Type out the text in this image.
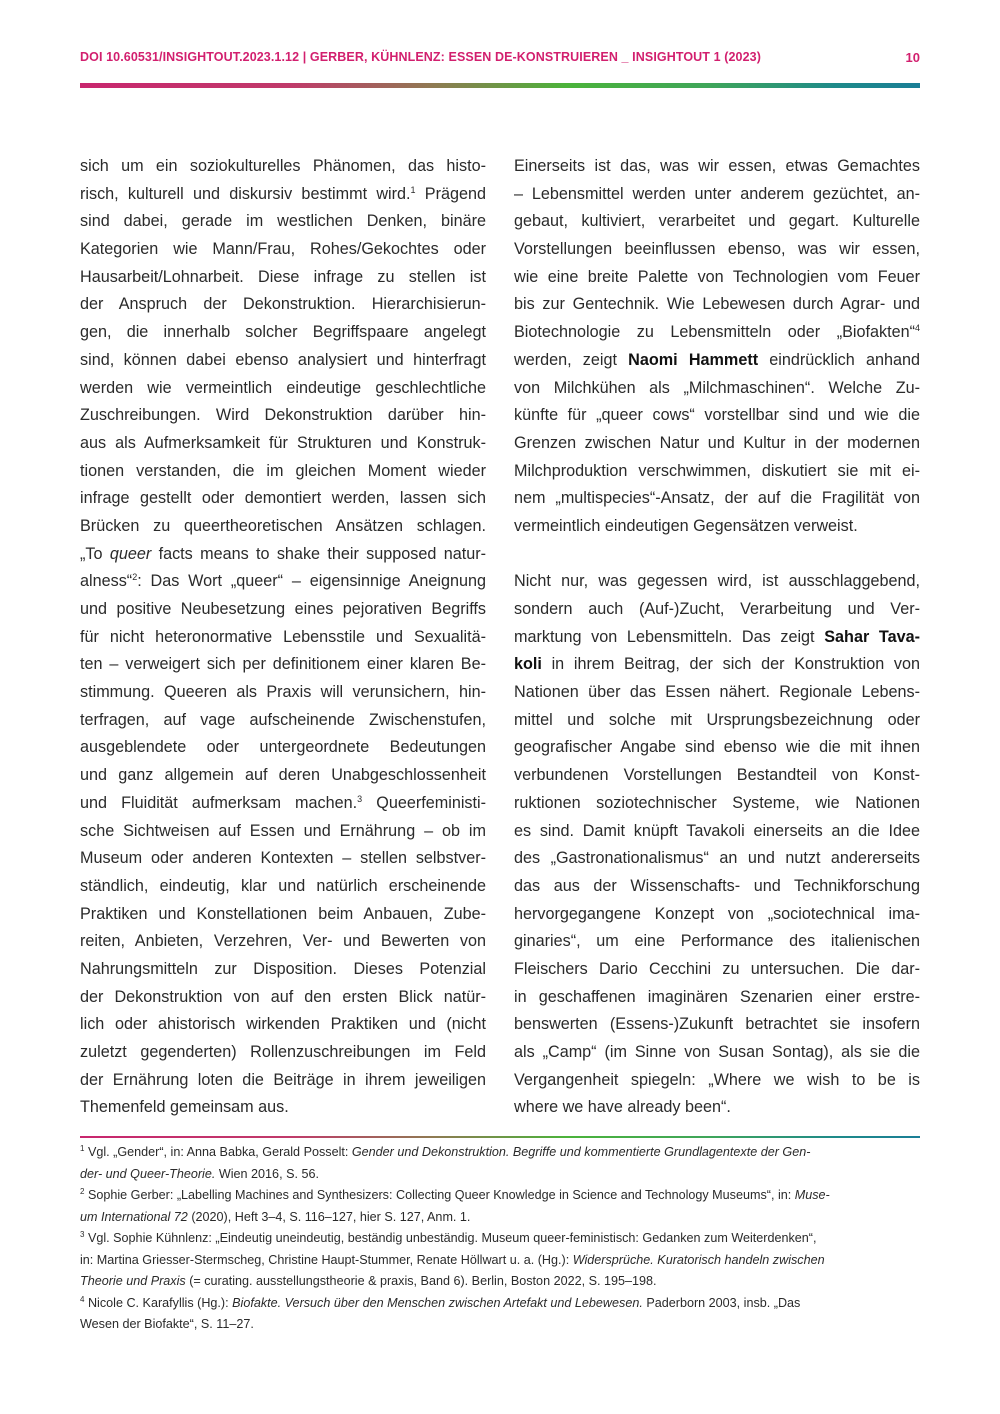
DOI 10.60531/INSIGHTOUT.2023.1.12 | GERBER, KÜHNLENZ: ESSEN DE-KONSTRUIEREN _ INSIGHTOUT 1 (2023)	10
sich um ein soziokulturelles Phänomen, das histo-
risch, kulturell und diskursiv bestimmt wird.$^1$ Prägend
sind dabei, gerade im westlichen Denken, binäre
Kategorien wie Mann/Frau, Rohes/Gekochtes oder
Hausarbeit/Lohnarbeit. Diese infrage zu stellen ist
der Anspruch der Dekonstruktion. Hierarchisierun-
gen, die innerhalb solcher Begriffspaare angelegt
sind, können dabei ebenso analysiert und hinterfragt
werden wie vermeintlich eindeutige geschlechtliche
Zuschreibungen. Wird Dekonstruktion darüber hin-
aus als Aufmerksamkeit für Strukturen und Konstruk-
tionen verstanden, die im gleichen Moment wieder
infrage gestellt oder demontiert werden, lassen sich
Brücken zu queertheoretischen Ansätzen schlagen.
„To queer facts means to shake their supposed natur-
alness“$^2$: Das Wort „queer“ – eigensinnige Aneignung
und positive Neubesetzung eines pejorativen Begriffs
für nicht heteronormative Lebensstile und Sexualitä-
ten – verweigert sich per definitionem einer klaren Be-
stimmung. Queeren als Praxis will verunsichern, hin-
terfragen, auf vage aufscheinende Zwischenstufen,
ausgeblendete oder untergeordnete Bedeutungen
und ganz allgemein auf deren Unabgeschlossenheit
und Fluidität aufmerksam machen.$^3$ Queerfeministi-
sche Sichtweisen auf Essen und Ernährung – ob im
Museum oder anderen Kontexten – stellen selbstver-
ständlich, eindeutig, klar und natürlich erscheinende
Praktiken und Konstellationen beim Anbauen, Zube-
reiten, Anbieten, Verzehren, Ver- und Bewerten von
Nahrungsmitteln zur Disposition. Dieses Potenzial
der Dekonstruktion von auf den ersten Blick natür-
lich oder ahistorisch wirkenden Praktiken und (nicht
zuletzt gegenderten) Rollenzuschreibungen im Feld
der Ernährung loten die Beiträge in ihrem jeweiligen
Themenfeld gemeinsam aus.
Einerseits ist das, was wir essen, etwas Gemachtes
– Lebensmittel werden unter anderem gezüchtet, an-
gebaut, kultiviert, verarbeitet und gegart. Kulturelle
Vorstellungen beeinflussen ebenso, was wir essen,
wie eine breite Palette von Technologien vom Feuer
bis zur Gentechnik. Wie Lebewesen durch Agrar- und
Biotechnologie zu Lebensmitteln oder „Biofakten“$^4$
werden, zeigt Naomi Hammett eindrücklich anhand
von Milchkühen als „Milchmaschinen“. Welche Zu-
künfte für „queer cows“ vorstellbar sind und wie die
Grenzen zwischen Natur und Kultur in der modernen
Milchproduktion verschwimmen, diskutiert sie mit ei-
nem „multispecies“-Ansatz, der auf die Fragilität von
vermeintlich eindeutigen Gegensätzen verweist.
Nicht nur, was gegessen wird, ist ausschlaggebend,
sondern auch (Auf-)Zucht, Verarbeitung und Ver-
marktung von Lebensmitteln. Das zeigt Sahar Tava-
koli in ihrem Beitrag, der sich der Konstruktion von
Nationen über das Essen nähert. Regionale Lebens-
mittel und solche mit Ursprungsbezeichnung oder
geografischer Angabe sind ebenso wie die mit ihnen
verbundenen Vorstellungen Bestandteil von Konst-
ruktionen soziotechnischer Systeme, wie Nationen
es sind. Damit knüpft Tavakoli einerseits an die Idee
des „Gastronationalismus“ an und nutzt andererseits
das aus der Wissenschafts- und Technikforschung
hervorgegangene Konzept von „sociotechnical ima-
ginaries“, um eine Performance des italienischen
Fleischers Dario Cecchini zu untersuchen. Die dar-
in geschaffenen imaginären Szenarien einer erstre-
benswerten (Essens-)Zukunft betrachtet sie insofern
als „Camp“ (im Sinne von Susan Sontag), als sie die
Vergangenheit spiegeln: „Where we wish to be is
where we have already been“.
$^1$ Vgl. „Gender“, in: Anna Babka, Gerald Posselt: Gender und Dekonstruktion. Begriffe und kommentierte Grundlagentexte der Gen-
der- und Queer-Theorie. Wien 2016, S. 56.
$^2$ Sophie Gerber: „Labelling Machines and Synthesizers: Collecting Queer Knowledge in Science and Technology Museums“, in: Muse-
um International 72 (2020), Heft 3–4, S. 116–127, hier S. 127, Anm. 1.
$^3$ Vgl. Sophie Kühnlenz: „Eindeutig uneindeutig, beständig unbeständig. Museum queer-feministisch: Gedanken zum Weiterdenken“,
in: Martina Griesser-Stermscheg, Christine Haupt-Stummer, Renate Höllwart u. a. (Hg.): Widersprüche. Kuratorisch handeln zwischen
Theorie und Praxis (= curating. ausstellungstheorie & praxis, Band 6). Berlin, Boston 2022, S. 195–198.
$^4$ Nicole C. Karafyllis (Hg.): Biofakte. Versuch über den Menschen zwischen Artefakt und Lebewesen. Paderborn 2003, insb. „Das
Wesen der Biofakte“, S. 11–27.
